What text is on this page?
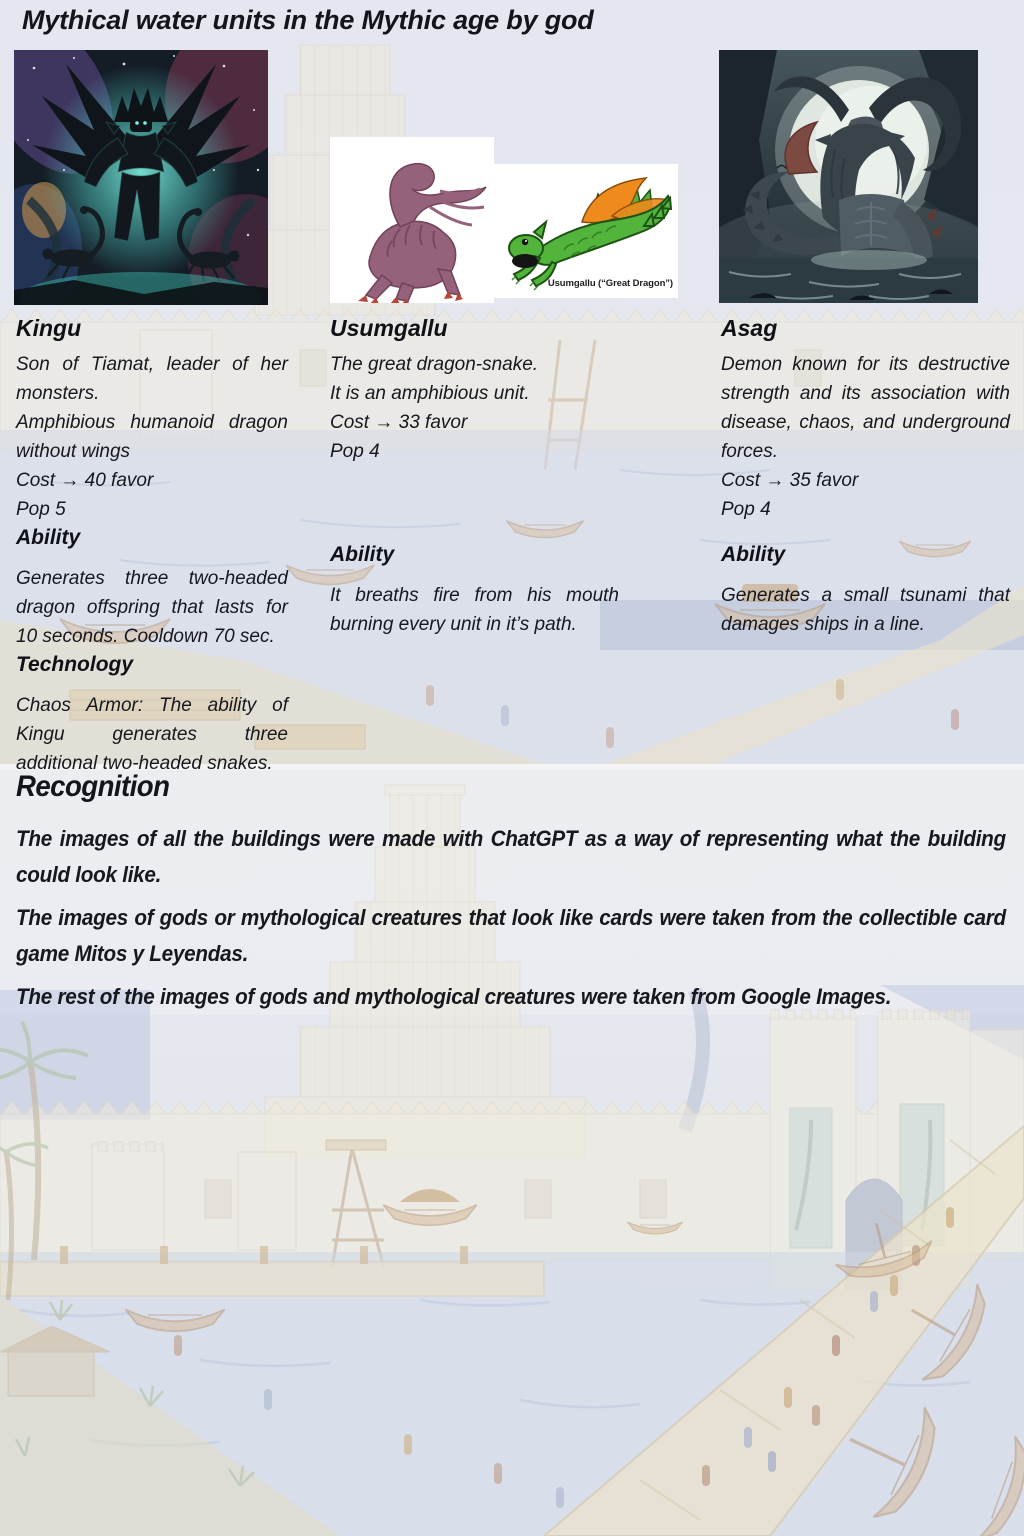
Mythical water units in the Mythic age by god
Usumgallu (“Great Dragon”)
Kingu

Son of Tiamat, leader of her monsters.

Amphibious humanoid dragon without wings

Cost → 40 favor

Pop 5

Ability

Generates three two-headed dragon offspring that lasts for 10 seconds. Cooldown 70 sec.

Technology

Chaos Armor: The ability of Kingu generates three additional two-headed snakes.

Usumgallu

The great dragon-snake.

It is an amphibious unit.

Cost → 33 favor

Pop 4

Ability

It breaths fire from his mouth burning every unit in it’s path.

Asag

Demon known for its destructive strength and its association with disease, chaos, and underground forces.

Cost → 35 favor

Pop 4

Ability

Generates a small tsunami that damages ships in a line.

Recognition

The images of all the buildings were made with ChatGPT as a way of representing what the building could look like.

The images of gods or mythological creatures that look like cards were taken from the collectible card game Mitos y Leyendas.

The rest of the images of gods and mythological creatures were taken from Google Images.
